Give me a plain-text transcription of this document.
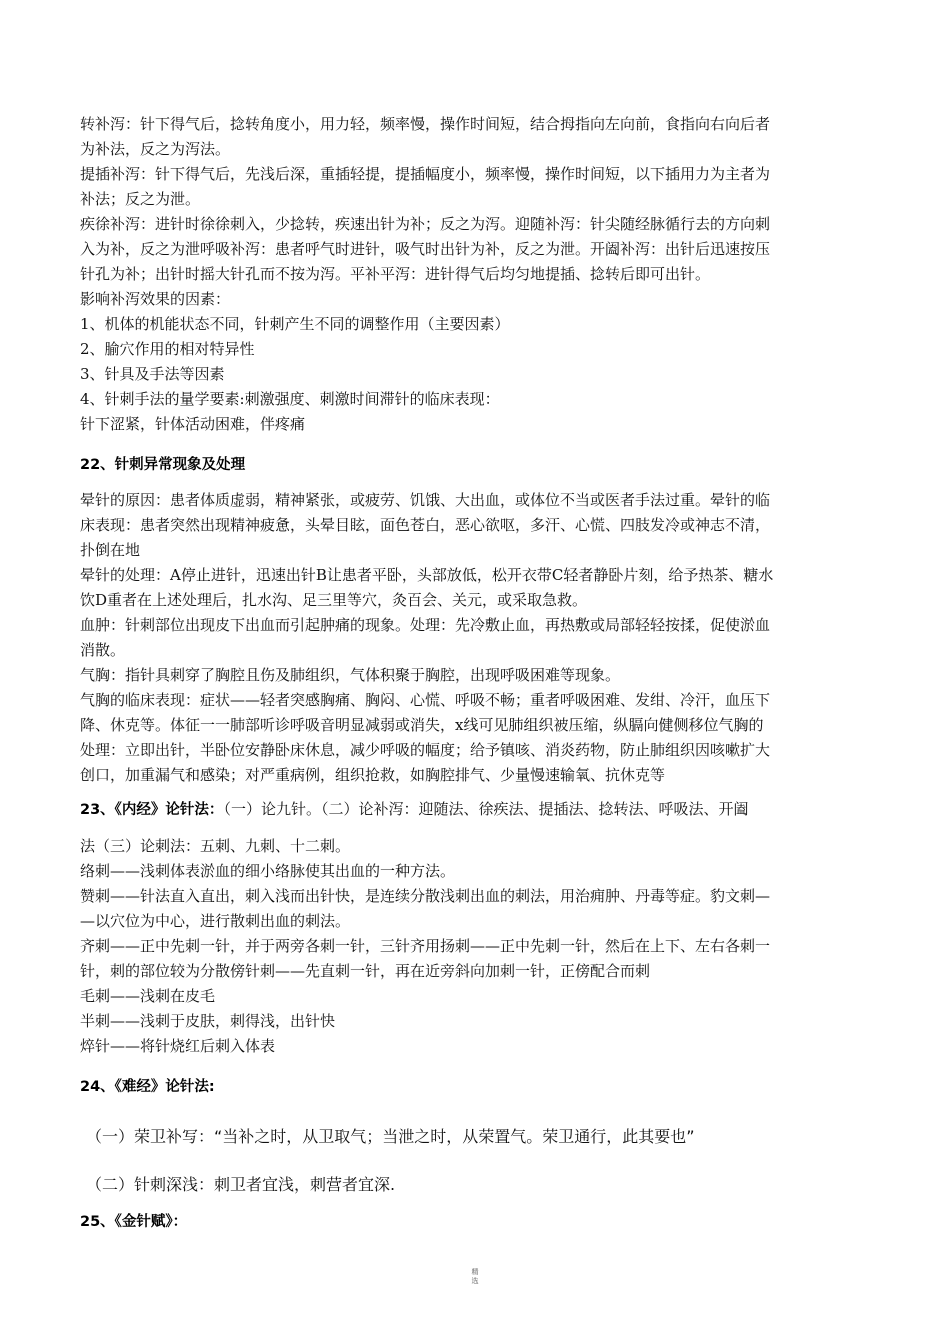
转补泻：针下得气后，捻转角度小，用力轻，频率慢，操作时间短，结合拇指向左向前，食指向右向后者

为补法，反之为泻法。

提插补泻：针下得气后，先浅后深，重插轻提，提插幅度小，频率慢，操作时间短，以下插用力为主者为

补法；反之为泄。

疾徐补泻：进针时徐徐刺入，少捻转，疾速出针为补；反之为泻。迎随补泻：针尖随经脉循行去的方向刺

入为补，反之为泄呼吸补泻：患者呼气时进针，吸气时出针为补，反之为泄。开阖补泻：出针后迅速按压

针孔为补；出针时摇大针孔而不按为泻。平补平泻：进针得气后均匀地提插、捻转后即可出针。

影响补泻效果的因素：

1、机体的机能状态不同，针刺产生不同的调整作用（主要因素）

2、腧穴作用的相对特异性

3、针具及手法等因素

4、针刺手法的量学要素:刺激强度、刺激时间滞针的临床表现：

针下涩紧，针体活动困难，伴疼痛

22、针刺异常现象及处理

晕针的原因：患者体质虚弱，精神紧张，或疲劳、饥饿、大出血，或体位不当或医者手法过重。晕针的临

床表现：患者突然出现精神疲惫，头晕目眩，面色苍白，恶心欲呕，多汗、心慌、四肢发冷或神志不清，

扑倒在地

晕针的处理：A停止进针，迅速出针B让患者平卧，头部放低，松开衣带C轻者静卧片刻，给予热茶、糖水

饮D重者在上述处理后，扎水沟、足三里等穴，灸百会、关元，或采取急救。

血肿：针刺部位出现皮下出血而引起肿痛的现象。处理：先冷敷止血，再热敷或局部轻轻按揉，促使淤血

消散。

气胸：指针具刺穿了胸腔且伤及肺组织，气体积聚于胸腔，出现呼吸困难等现象。

气胸的临床表现：症状——轻者突感胸痛、胸闷、心慌、呼吸不畅；重者呼吸困难、发绀、冷汗，血压下

降、休克等。体征一一肺部听诊呼吸音明显减弱或消失，x线可见肺组织被压缩，纵膈向健侧移位气胸的

处理：立即出针，半卧位安静卧床休息，减少呼吸的幅度；给予镇咳、消炎药物，防止肺组织因咳嗽扩大

创口，加重漏气和感染；对严重病例，组织抢救，如胸腔排气、少量慢速输氧、抗休克等

23、《内经》论针法：（一）论九针。（二）论补泻：迎随法、徐疾法、提插法、捻转法、呼吸法、开阖

法（三）论刺法：五刺、九刺、十二刺。

络刺——浅刺体表淤血的细小络脉使其出血的一种方法。

赞刺——针法直入直出，刺入浅而出针快，是连续分散浅刺出血的刺法，用治痈肿、丹毒等症。豹文刺—

—以穴位为中心，进行散刺出血的刺法。

齐刺——正中先刺一针，并于两旁各刺一针，三针齐用扬刺——正中先刺一针，然后在上下、左右各刺一

针，刺的部位较为分散傍针刺——先直刺一针，再在近旁斜向加刺一针，正傍配合而刺

毛刺——浅刺在皮毛

半刺——浅刺于皮肤，刺得浅，出针快

焠针——将针烧红后刺入体表

24、《难经》论针法:

（一）荣卫补写：“当补之时，从卫取气；当泄之时，从荣置气。荣卫通行，此其要也”

（二）针刺深浅：刺卫者宜浅，刺营者宜深.

25、《金针赋》：

精
选
